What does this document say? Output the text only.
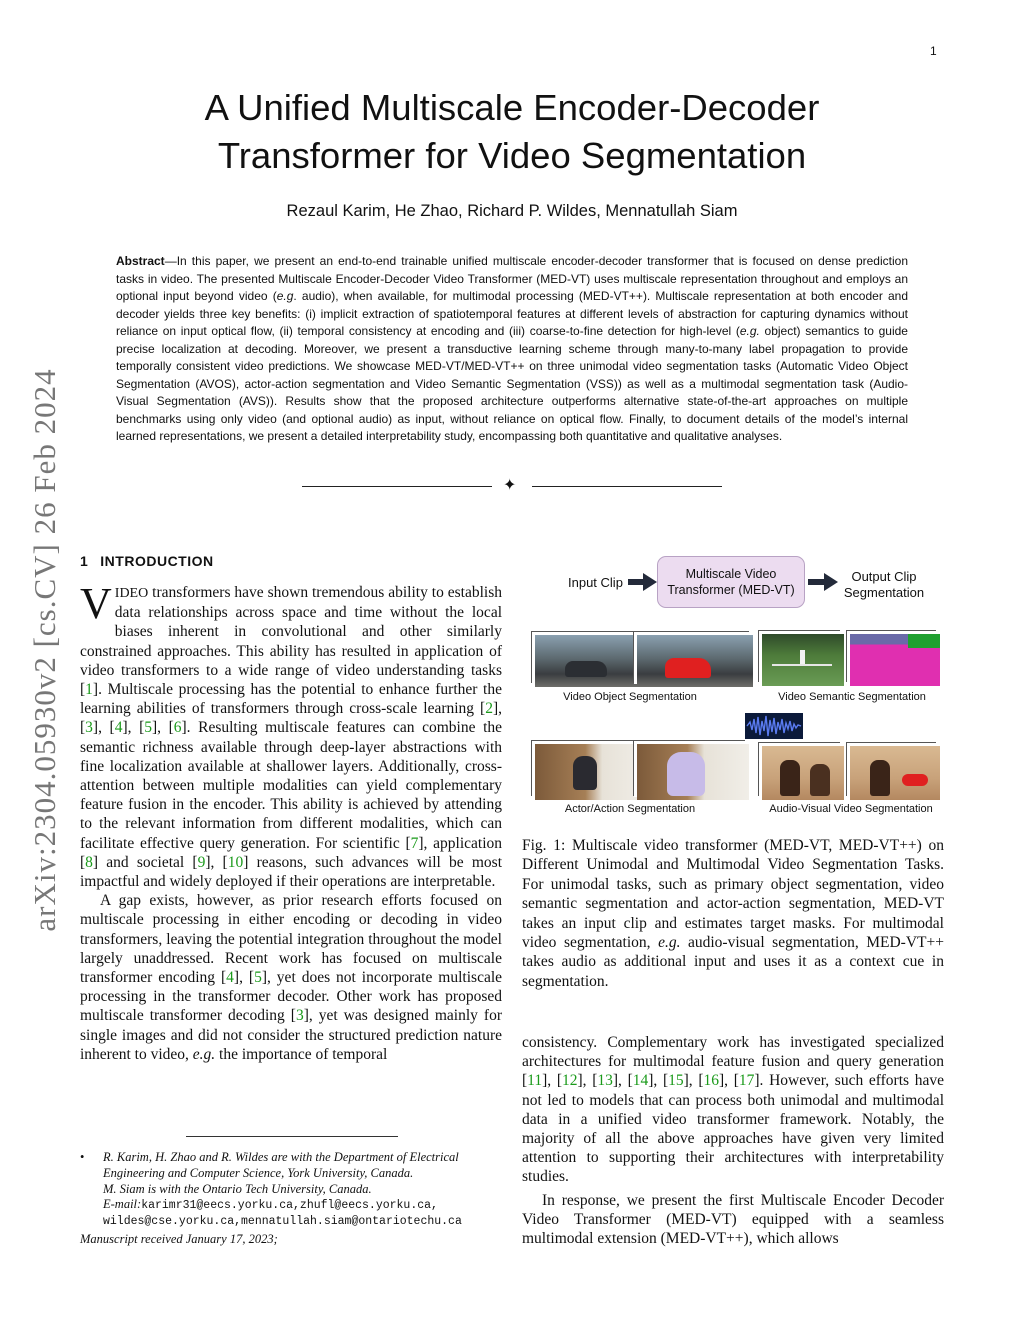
1
arXiv:2304.05930v2 [cs.CV] 26 Feb 2024
A Unified Multiscale Encoder-Decoder
Transformer for Video Segmentation
Rezaul Karim, He Zhao, Richard P. Wildes, Mennatullah Siam
Abstract—In this paper, we present an end-to-end trainable unified multiscale encoder-decoder transformer that is focused on dense prediction tasks in video. The presented Multiscale Encoder-Decoder Video Transformer (MED-VT) uses multiscale representation throughout and employs an optional input beyond video (e.g. audio), when available, for multimodal processing (MED-VT++). Multiscale representation at both encoder and decoder yields three key benefits: (i) implicit extraction of spatiotemporal features at different levels of abstraction for capturing dynamics without reliance on input optical flow, (ii) temporal consistency at encoding and (iii) coarse-to-fine detection for high-level (e.g. object) semantics to guide precise localization at decoding. Moreover, we present a transductive learning scheme through many-to-many label propagation to provide temporally consistent video predictions. We showcase MED-VT/MED-VT++ on three unimodal video segmentation tasks (Automatic Video Object Segmentation (AVOS), actor-action segmentation and Video Semantic Segmentation (VSS)) as well as a multimodal segmentation task (Audio-Visual Segmentation (AVS)). Results show that the proposed architecture outperforms alternative state-of-the-art approaches on multiple benchmarks using only video (and optional audio) as input, without reliance on optical flow. Finally, to document details of the model’s internal learned representations, we present a detailed interpretability study, encompassing both quantitative and qualitative analyses.
✦
1 INTRODUCTION

VIDEO transformers have shown tremendous ability to establish data relationships across space and time without the local biases inherent in convolutional and other similarly constrained approaches. This ability has resulted in application of video transformers to a wide range of video understanding tasks [1]. Multiscale processing has the potential to enhance further the learning abilities of transformers through cross-scale learning [2], [3], [4], [5], [6]. Resulting multiscale features can combine the semantic richness available through deep-layer abstractions with fine localization available at shallower layers. Additionally, cross-attention between multiple modalities can yield complementary feature fusion in the encoder. This ability is achieved by attending to the relevant information from different modalities, which can facilitate effective query generation. For scientific [7], application [8] and societal [9], [10] reasons, such advances will be most impactful and widely deployed if their operations are interpretable.

A gap exists, however, as prior research efforts focused on multiscale processing in either encoding or decoding in video transformers, leaving the potential integration throughout the model largely unaddressed. Recent work has focused on multiscale transformer encoding [4], [5], yet does not incorporate multiscale processing in the transformer decoder. Other work has proposed multiscale transformer decoding [3], yet was designed mainly for single images and did not consider the structured prediction nature inherent to video, e.g. the importance of temporal

• R. Karim, H. Zhao and R. Wildes are with the Department of Electrical Engineering and Computer Science, York University, Canada.
M. Siam is with the Ontario Tech University, Canada.
E-mail:karimr31@eecs.yorku.ca,zhufl@eecs.yorku.ca,
wildes@cse.yorku.ca,mennatullah.siam@ontariotechu.ca
Manuscript received January 17, 2023;
Input Clip
Multiscale Video
Transformer (MED-VT)
Output Clip
Segmentation
Video Object Segmentation	Video Semantic Segmentation
Actor/Action Segmentation	Audio-Visual Video Segmentation
Fig. 1: Multiscale video transformer (MED-VT, MED-VT++) on Different Unimodal and Multimodal Video Segmentation Tasks. For unimodal tasks, such as primary object segmentation, video semantic segmentation and actor-action segmentation, MED-VT takes an input clip and estimates target masks. For multimodal video segmentation, e.g. audio-visual segmentation, MED-VT++ takes audio as additional input and uses it as a context cue in segmentation.

consistency. Complementary work has investigated specialized architectures for multimodal feature fusion and query generation [11], [12], [13], [14], [15], [16], [17]. However, such efforts have not led to models that can process both unimodal and multimodal data in a unified video transformer framework. Notably, the majority of all the above approaches have given very limited attention to supporting their architectures with interpretability studies.

In response, we present the first Multiscale Encoder Decoder Video Transformer (MED-VT) equipped with a seamless multimodal extension (MED-VT++), which allows
